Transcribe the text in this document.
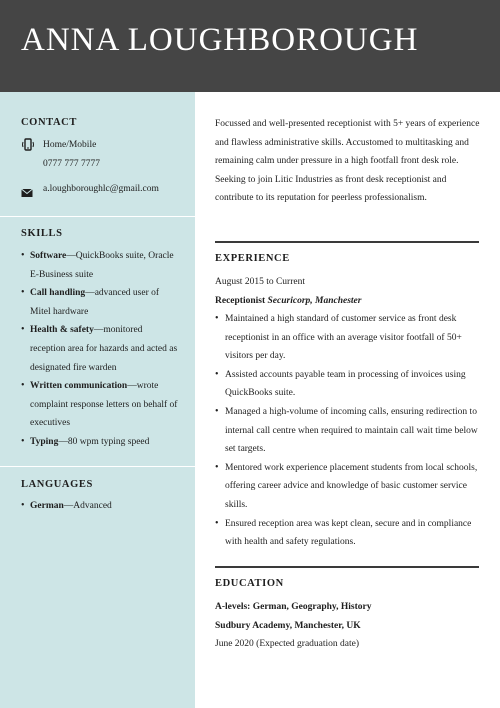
ANNA LOUGHBOROUGH
CONTACT
Home/Mobile
0777 777 7777
a.loughboroughlc@gmail.com
SKILLS
• Software—QuickBooks suite, Oracle E-Business suite
• Call handling—advanced user of Mitel hardware
• Health & safety—monitored reception area for hazards and acted as designated fire warden
• Written communication—wrote complaint response letters on behalf of executives
• Typing—80 wpm typing speed
LANGUAGES
• German—Advanced

Focussed and well-presented receptionist with 5+ years of experience and flawless administrative skills. Accustomed to multitasking and remaining calm under pressure in a high footfall front desk role. Seeking to join Litic Industries as front desk receptionist and contribute to its reputation for peerless professionalism.

EXPERIENCE
August 2015 to Current
Receptionist Securicorp, Manchester
• Maintained a high standard of customer service as front desk receptionist in an office with an average visitor footfall of 50+ visitors per day.
• Assisted accounts payable team in processing of invoices using QuickBooks suite.
• Managed a high-volume of incoming calls, ensuring redirection to internal call centre when required to maintain call wait time below set targets.
• Mentored work experience placement students from local schools, offering career advice and knowledge of basic customer service skills.
• Ensured reception area was kept clean, secure and in compliance with health and safety regulations.
EDUCATION
A-levels: German, Geography, History
Sudbury Academy, Manchester, UK
June 2020 (Expected graduation date)
